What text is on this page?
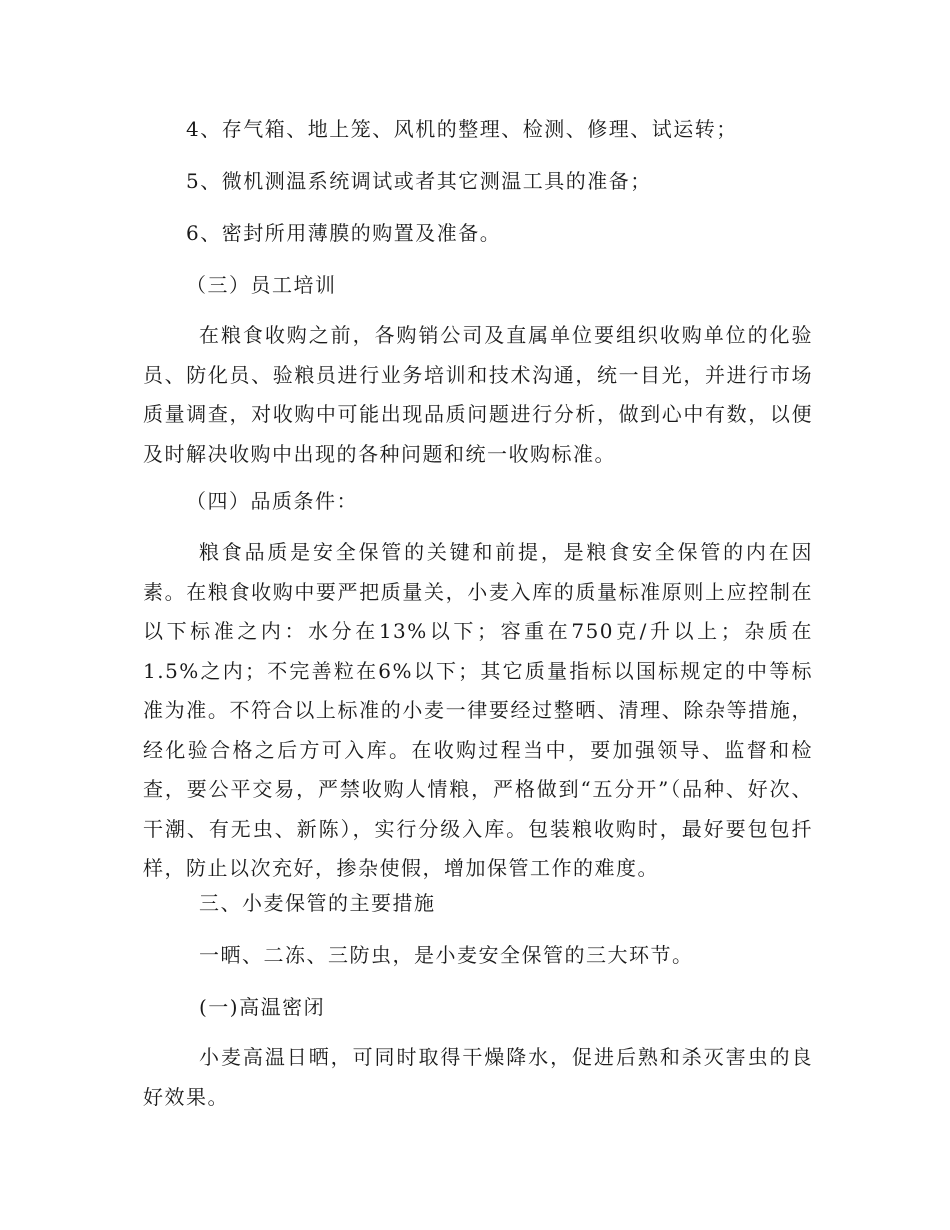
4、存气箱、地上笼、风机的整理、检测、修理、试运转；
5、微机测温系统调试或者其它测温工具的准备；
6、密封所用薄膜的购置及准备。
（三）员工培训
在粮食收购之前，各购销公司及直属单位要组织收购单位的化验员、防化员、验粮员进行业务培训和技术沟通，统一目光，并进行市场质量调查，对收购中可能出现品质问题进行分析，做到心中有数，以便及时解决收购中出现的各种问题和统一收购标准。
（四）品质条件：
粮食品质是安全保管的关键和前提，是粮食安全保管的内在因素。在粮食收购中要严把质量关，小麦入库的质量标准原则上应控制在以下标准之内：水分在13%以下；容重在750克/升以上；杂质在1.5%之内；不完善粒在6%以下；其它质量指标以国标规定的中等标准为准。不符合以上标准的小麦一律要经过整晒、清理、除杂等措施，经化验合格之后方可入库。在收购过程当中，要加强领导、监督和检查，要公平交易，严禁收购人情粮，严格做到“五分开”（品种、好次、干潮、有无虫、新陈），实行分级入库。包装粮收购时，最好要包包扦样，防止以次充好，掺杂使假，增加保管工作的难度。
三、小麦保管的主要措施
一晒、二冻、三防虫，是小麦安全保管的三大环节。
(一)高温密闭
小麦高温日晒，可同时取得干燥降水，促进后熟和杀灭害虫的良好效果。
